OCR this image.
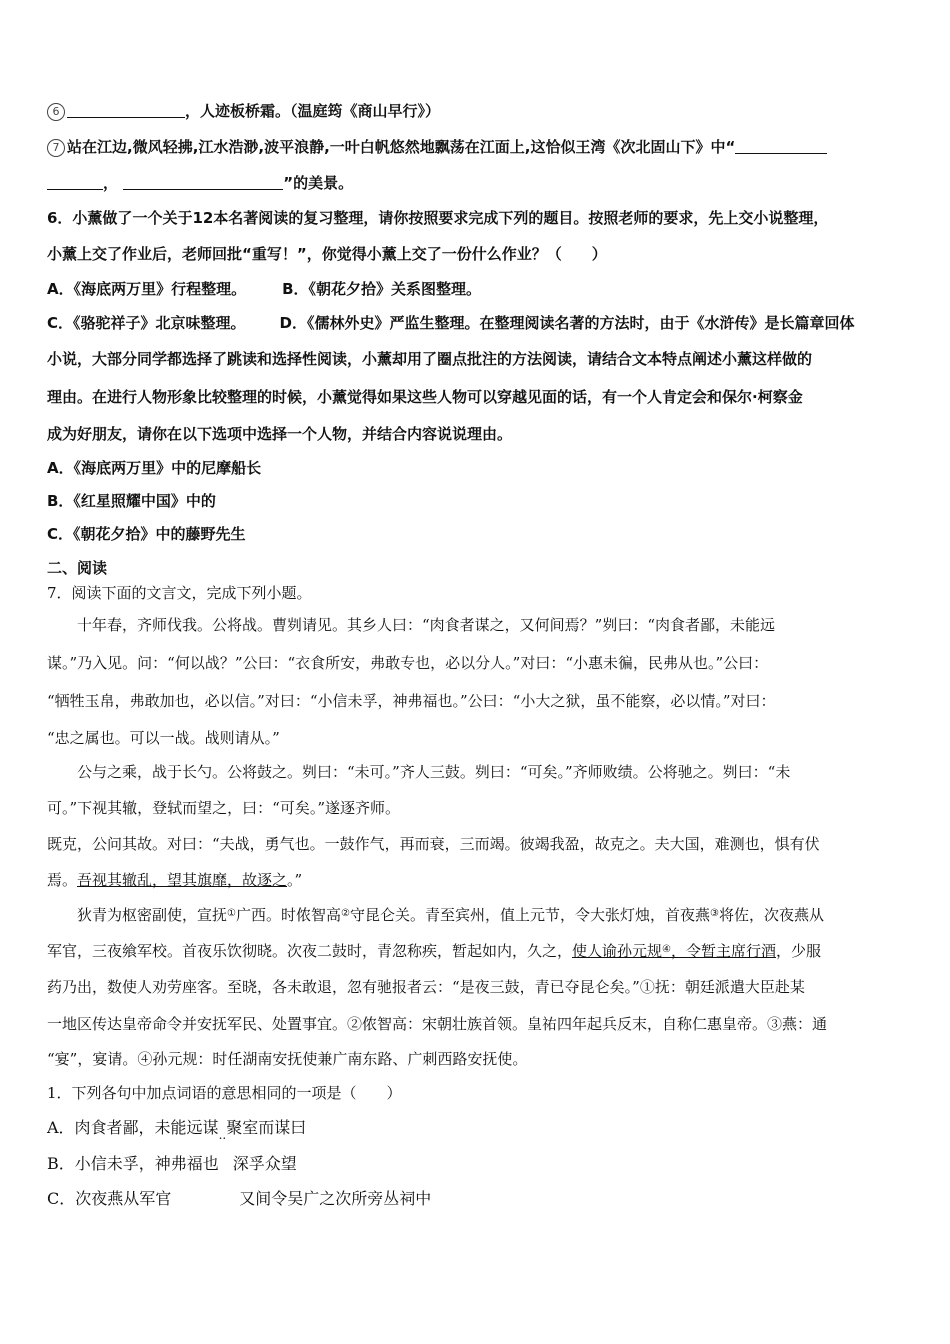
6	，人迹板桥霜。（温庭筠《商山早行》）
7 站在江边,微风轻拂,江水浩渺,波平浪静,一叶白帆悠然地飘荡在江面上,这恰似王湾《次北固山下》中“
，	”的美景。
6．小薰做了一个关于12本名著阅读的复习整理，请你按照要求完成下列的题目。按照老师的要求，先上交小说整理，
小薰上交了作业后，老师回批“重写！”，你觉得小薰上交了一份什么作业？（　　）
A．《海底两万里》行程整理。 B．《朝花夕拾》关系图整理。
C．《骆驼祥子》北京味整理。 D．《儒林外史》严监生整理。在整理阅读名著的方法时，由于《水浒传》是长篇章回体
小说，大部分同学都选择了跳读和选择性阅读，小薰却用了圈点批注的方法阅读，请结合文本特点阐述小薰这样做的
理由。在进行人物形象比较整理的时候，小薰觉得如果这些人物可以穿越见面的话，有一个人肯定会和保尔·柯察金
成为好朋友，请你在以下选项中选择一个人物，并结合内容说说理由。
A．《海底两万里》中的尼摩船长
B．《红星照耀中国》中的
C．《朝花夕拾》中的藤野先生
二、阅读
7．阅读下面的文言文，完成下列小题。
十年春，齐师伐我。公将战。曹刿请见。其乡人曰：“肉食者谋之，又何间焉？”刿曰：“肉食者鄙，未能远
谋。”乃入见。问：“何以战？”公曰：“衣食所安，弗敢专也，必以分人。”对曰：“小惠未徧，民弗从也。”公曰：
“牺牲玉帛，弗敢加也，必以信。”对曰：“小信未孚，神弗福也。”公曰：“小大之狱，虽不能察，必以情。”对曰：
“忠之属也。可以一战。战则请从。”
公与之乘，战于长勺。公将鼓之。刿曰：“未可。”齐人三鼓。刿曰：“可矣。”齐师败绩。公将驰之。刿曰：“未
可。”下视其辙，登轼而望之，曰：“可矣。”遂逐齐师。
既克，公问其故。对曰：“夫战，勇气也。一鼓作气，再而衰，三而竭。彼竭我盈，故克之。夫大国，难测也，惧有伏
焉。吾视其辙乱，望其旗靡，故逐之。”
狄青为枢密副使，宣抚①广西。时侬智高②守昆仑关。青至宾州，值上元节，令大张灯烛，首夜燕③将佐，次夜燕从
军官，三夜飨军校。首夜乐饮彻晓。次夜二鼓时，青忽称疾，暂起如内，久之，使人谕孙元规④，令暂主席行酒，少服
药乃出，数使人劝劳座客。至晓，各未敢退，忽有驰报者云：“是夜三鼓，青已夺昆仑矣。”①抚：朝廷派遣大臣赴某
一地区传达皇帝命令并安抚军民、处置事宜。②侬智高：宋朝壮族首领。皇祐四年起兵反末，自称仁惠皇帝。③燕：通
“宴”，宴请。④孙元规：时任湖南安抚使兼广南东路、广刺西路安抚使。
1．下列各句中加点词语的意思相同的一项是（　　）
A．肉食者鄙，未能远谋$_{..}$聚室而谋曰
B．小信未孚，神弗福也 深孚众望
C．次夜燕从军官	又间令吴广之次所旁丛祠中
